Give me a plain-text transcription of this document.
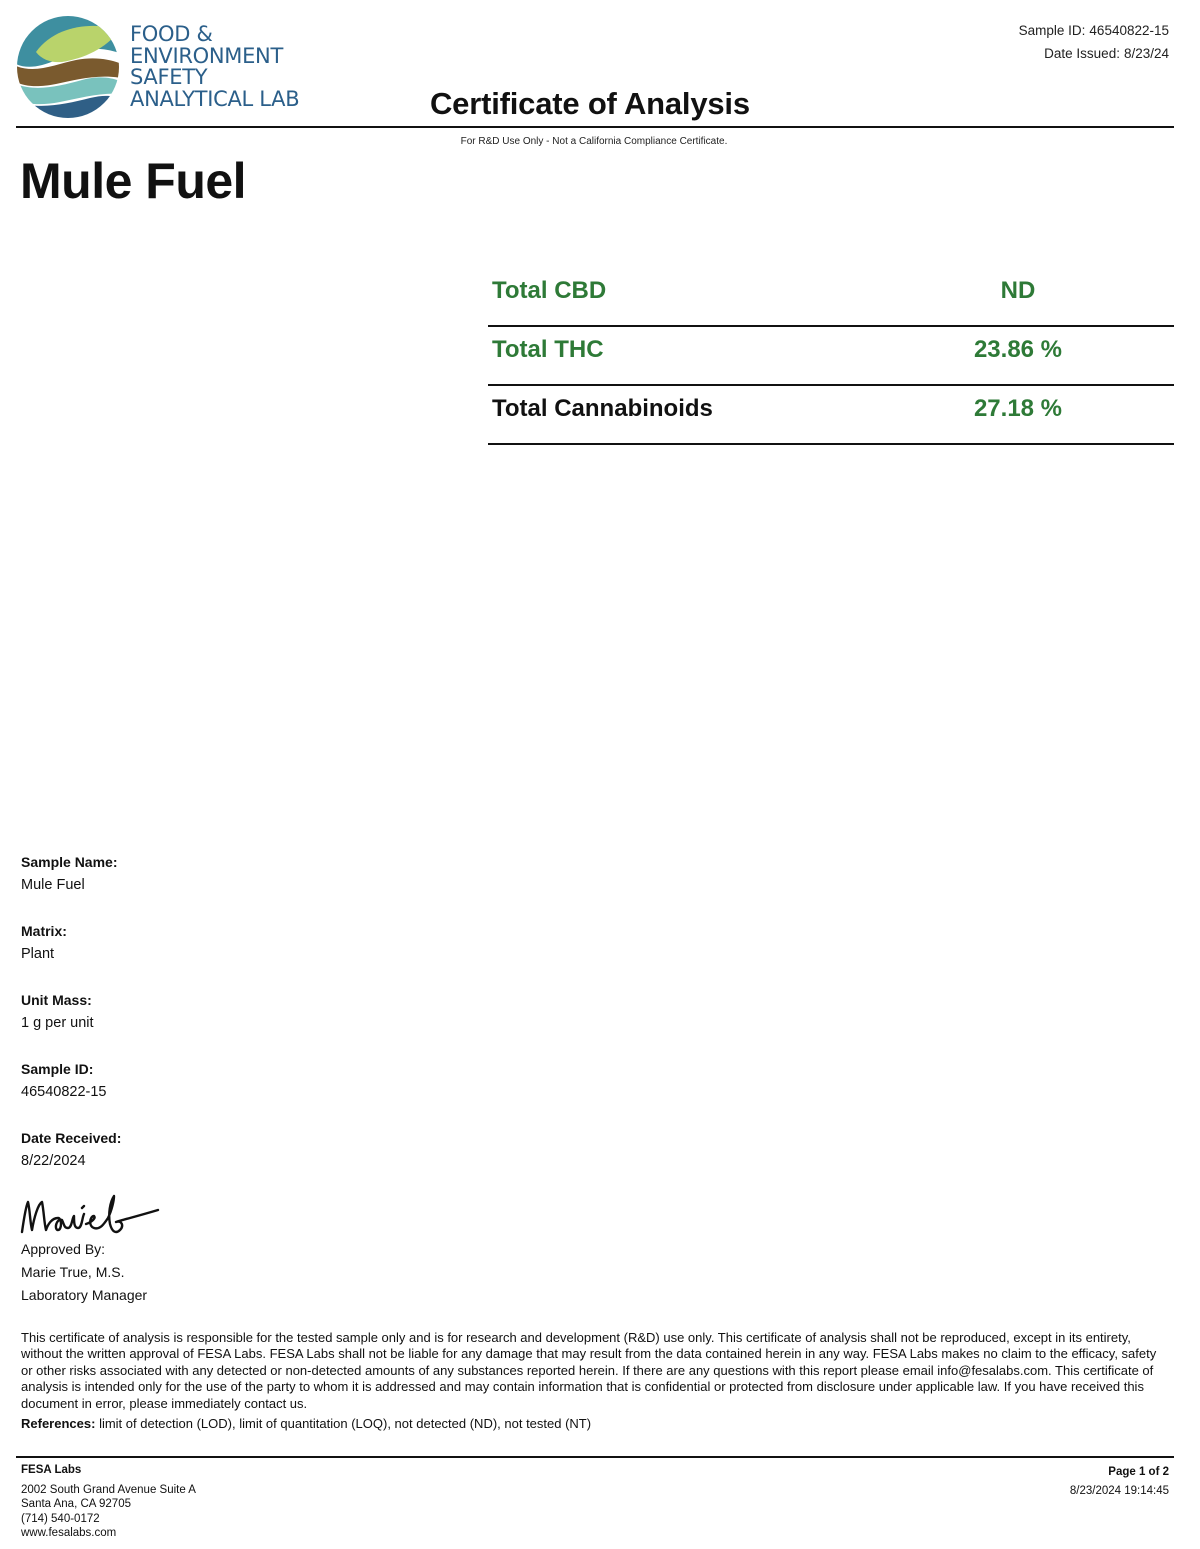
FOOD &
ENVIRONMENT
SAFETY
ANALYTICAL LAB
Sample ID: 46540822-15
Date Issued: 8/23/24
Certificate of Analysis
For R&D Use Only - Not a California Compliance Certificate.
Mule Fuel
Total CBD	ND
Total THC	23.86 %
Total Cannabinoids	27.18 %
Sample Name:
Mule Fuel
Matrix:
Plant
Unit Mass:
1 g per unit
Sample ID:
46540822-15
Date Received:
8/22/2024
Approved By:
Marie True, M.S.
Laboratory Manager
This certificate of analysis is responsible for the tested sample only and is for research and development (R&D) use only. This certificate of analysis shall not be reproduced, except in its entirety, without the written approval of FESA Labs. FESA Labs shall not be liable for any damage that may result from the data contained herein in any way. FESA Labs makes no claim to the efficacy, safety or other risks associated with any detected or non-detected amounts of any substances reported herein. If there are any questions with this report please email info@fesalabs.com. This certificate of analysis is intended only for the use of the party to whom it is addressed and may contain information that is confidential or protected from disclosure under applicable law. If you have received this document in error, please immediately contact us.
References: limit of detection (LOD), limit of quantitation (LOQ), not detected (ND), not tested (NT)
FESA Labs
2002 South Grand Avenue Suite A
Santa Ana, CA 92705
(714) 540-0172
www.fesalabs.com
Page 1 of 2
8/23/2024 19:14:45
